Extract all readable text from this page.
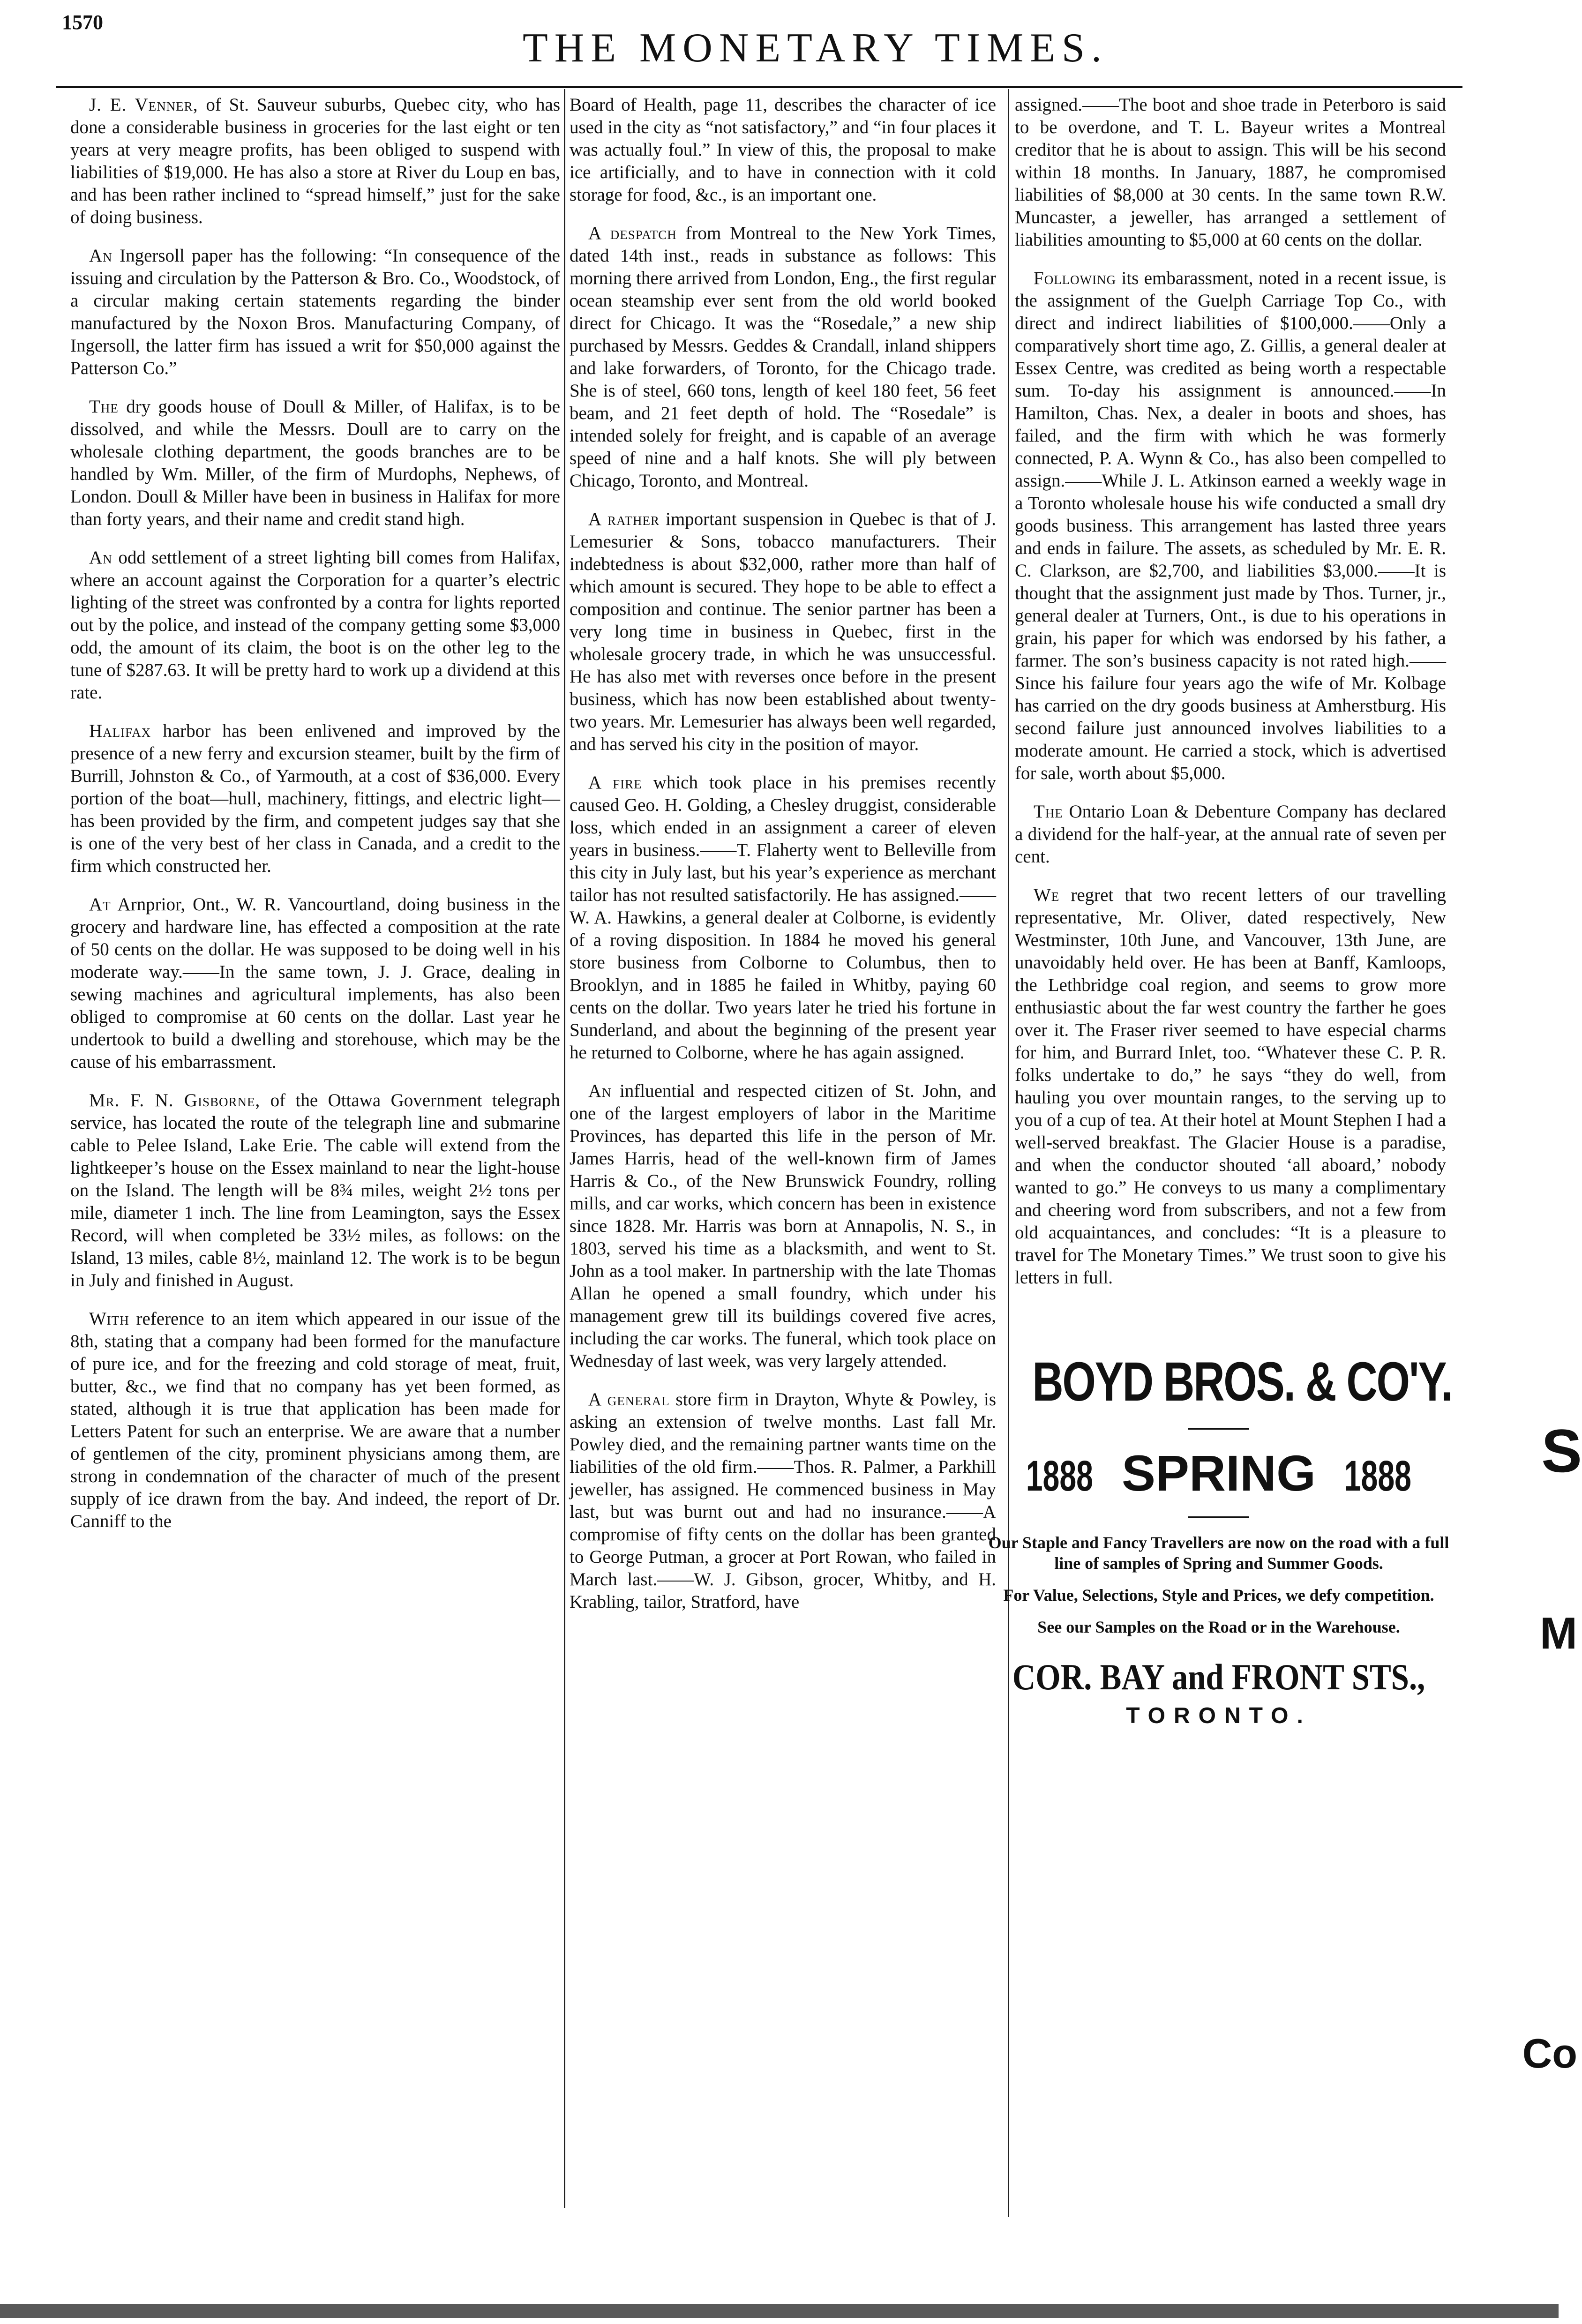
1570
THE MONETARY TIMES.

J. E. Venner, of St. Sauveur suburbs, Quebec city, who has done a considerable business in groceries for the last eight or ten years at very meagre profits, has been obliged to suspend with liabilities of $19,000. He has also a store at River du Loup en bas, and has been rather inclined to “spread himself,” just for the sake of doing business.

An Ingersoll paper has the following: “In consequence of the issuing and circulation by the Patterson & Bro. Co., Woodstock, of a circular making certain statements regarding the binder manufactured by the Noxon Bros. Manufacturing Company, of Ingersoll, the latter firm has issued a writ for $50,000 against the Patterson Co.”

The dry goods house of Doull & Miller, of Halifax, is to be dissolved, and while the Messrs. Doull are to carry on the wholesale clothing department, the goods branches are to be handled by Wm. Miller, of the firm of Murdophs, Nephews, of London. Doull & Miller have been in business in Halifax for more than forty years, and their name and credit stand high.

An odd settlement of a street lighting bill comes from Halifax, where an account against the Corporation for a quarter’s electric lighting of the street was confronted by a contra for lights reported out by the police, and instead of the company getting some $3,000 odd, the amount of its claim, the boot is on the other leg to the tune of $287.63. It will be pretty hard to work up a dividend at this rate.

Halifax harbor has been enlivened and improved by the presence of a new ferry and excursion steamer, built by the firm of Burrill, Johnston & Co., of Yarmouth, at a cost of $36,000. Every portion of the boat—hull, machinery, fittings, and electric light—has been provided by the firm, and competent judges say that she is one of the very best of her class in Canada, and a credit to the firm which constructed her.

At Arnprior, Ont., W. R. Vancourtland, doing business in the grocery and hardware line, has effected a composition at the rate of 50 cents on the dollar. He was supposed to be doing well in his moderate way.——In the same town, J. J. Grace, dealing in sewing machines and agricultural implements, has also been obliged to compromise at 60 cents on the dollar. Last year he undertook to build a dwelling and storehouse, which may be the cause of his embarrassment.

Mr. F. N. Gisborne, of the Ottawa Government telegraph service, has located the route of the telegraph line and submarine cable to Pelee Island, Lake Erie. The cable will extend from the lightkeeper’s house on the Essex mainland to near the light-house on the Island. The length will be 8¾ miles, weight 2½ tons per mile, diameter 1 inch. The line from Leamington, says the Essex Record, will when completed be 33½ miles, as follows: on the Island, 13 miles, cable 8½, mainland 12. The work is to be begun in July and finished in August.

With reference to an item which appeared in our issue of the 8th, stating that a company had been formed for the manufacture of pure ice, and for the freezing and cold storage of meat, fruit, butter, &c., we find that no company has yet been formed, as stated, although it is true that application has been made for Letters Patent for such an enterprise. We are aware that a number of gentlemen of the city, prominent physicians among them, are strong in condemnation of the character of much of the present supply of ice drawn from the bay. And indeed, the report of Dr. Canniff to the

Board of Health, page 11, describes the character of ice used in the city as “not satisfactory,” and “in four places it was actually foul.” In view of this, the proposal to make ice artificially, and to have in connection with it cold storage for food, &c., is an important one.

A despatch from Montreal to the New York Times, dated 14th inst., reads in substance as follows: This morning there arrived from London, Eng., the first regular ocean steamship ever sent from the old world booked direct for Chicago. It was the “Rosedale,” a new ship purchased by Messrs. Geddes & Crandall, inland shippers and lake forwarders, of Toronto, for the Chicago trade. She is of steel, 660 tons, length of keel 180 feet, 56 feet beam, and 21 feet depth of hold. The “Rosedale” is intended solely for freight, and is capable of an average speed of nine and a half knots. She will ply between Chicago, Toronto, and Montreal.

A rather important suspension in Quebec is that of J. Lemesurier & Sons, tobacco manufacturers. Their indebtedness is about $32,000, rather more than half of which amount is secured. They hope to be able to effect a composition and continue. The senior partner has been a very long time in business in Quebec, first in the wholesale grocery trade, in which he was unsuccessful. He has also met with reverses once before in the present business, which has now been established about twenty-two years. Mr. Lemesurier has always been well regarded, and has served his city in the position of mayor.

A fire which took place in his premises recently caused Geo. H. Golding, a Chesley druggist, considerable loss, which ended in an assignment a career of eleven years in business.——T. Flaherty went to Belleville from this city in July last, but his year’s experience as merchant tailor has not resulted satisfactorily. He has assigned.——W. A. Hawkins, a general dealer at Colborne, is evidently of a roving disposition. In 1884 he moved his general store business from Colborne to Columbus, then to Brooklyn, and in 1885 he failed in Whitby, paying 60 cents on the dollar. Two years later he tried his fortune in Sunderland, and about the beginning of the present year he returned to Colborne, where he has again assigned.

An influential and respected citizen of St. John, and one of the largest employers of labor in the Maritime Provinces, has departed this life in the person of Mr. James Harris, head of the well-known firm of James Harris & Co., of the New Brunswick Foundry, rolling mills, and car works, which concern has been in existence since 1828. Mr. Harris was born at Annapolis, N. S., in 1803, served his time as a blacksmith, and went to St. John as a tool maker. In partnership with the late Thomas Allan he opened a small foundry, which under his management grew till its buildings covered five acres, including the car works. The funeral, which took place on Wednesday of last week, was very largely attended.

A general store firm in Drayton, Whyte & Powley, is asking an extension of twelve months. Last fall Mr. Powley died, and the remaining partner wants time on the liabilities of the old firm.——Thos. R. Palmer, a Parkhill jeweller, has assigned. He commenced business in May last, but was burnt out and had no insurance.——A compromise of fifty cents on the dollar has been granted to George Putman, a grocer at Port Rowan, who failed in March last.——W. J. Gibson, grocer, Whitby, and H. Krabling, tailor, Stratford, have

assigned.——The boot and shoe trade in Peterboro is said to be overdone, and T. L. Bayeur writes a Montreal creditor that he is about to assign. This will be his second within 18 months. In January, 1887, he compromised liabilities of $8,000 at 30 cents. In the same town R.W. Muncaster, a jeweller, has arranged a settlement of liabilities amounting to $5,000 at 60 cents on the dollar.

Following its embarassment, noted in a recent issue, is the assignment of the Guelph Carriage Top Co., with direct and indirect liabilities of $100,000.——Only a comparatively short time ago, Z. Gillis, a general dealer at Essex Centre, was credited as being worth a respectable sum. To-day his assignment is announced.——In Hamilton, Chas. Nex, a dealer in boots and shoes, has failed, and the firm with which he was formerly connected, P. A. Wynn & Co., has also been compelled to assign.——While J. L. Atkinson earned a weekly wage in a Toronto wholesale house his wife conducted a small dry goods business. This arrangement has lasted three years and ends in failure. The assets, as scheduled by Mr. E. R. C. Clarkson, are $2,700, and liabilities $3,000.——It is thought that the assignment just made by Thos. Turner, jr., general dealer at Turners, Ont., is due to his operations in grain, his paper for which was endorsed by his father, a farmer. The son’s business capacity is not rated high.——Since his failure four years ago the wife of Mr. Kolbage has carried on the dry goods business at Amherstburg. His second failure just announced involves liabilities to a moderate amount. He carried a stock, which is advertised for sale, worth about $5,000.

The Ontario Loan & Debenture Company has declared a dividend for the half-year, at the annual rate of seven per cent.

We regret that two recent letters of our travelling representative, Mr. Oliver, dated respectively, New Westminster, 10th June, and Vancouver, 13th June, are unavoidably held over. He has been at Banff, Kamloops, the Lethbridge coal region, and seems to grow more enthusiastic about the far west country the farther he goes over it. The Fraser river seemed to have especial charms for him, and Burrard Inlet, too. “Whatever these C. P. R. folks undertake to do,” he says “they do well, from hauling you over mountain ranges, to the serving up to you of a cup of tea. At their hotel at Mount Stephen I had a well-served breakfast. The Glacier House is a paradise, and when the conductor shouted ‘all aboard,’ nobody wanted to go.” He conveys to us many a complimentary and cheering word from subscribers, and not a few from old acquaintances, and concludes: “It is a pleasure to travel for The Monetary Times.” We trust soon to give his letters in full.

BOYD BROS. & CO'Y.
1888 SPRING 1888
Our Staple and Fancy Travellers are now on the road with a full line of samples of Spring and Summer Goods.
For Value, Selections, Style and Prices, we defy competition.
See our Samples on the Road or in the Warehouse.
COR. BAY and FRONT STS.,
TORONTO.
S
M
Co
